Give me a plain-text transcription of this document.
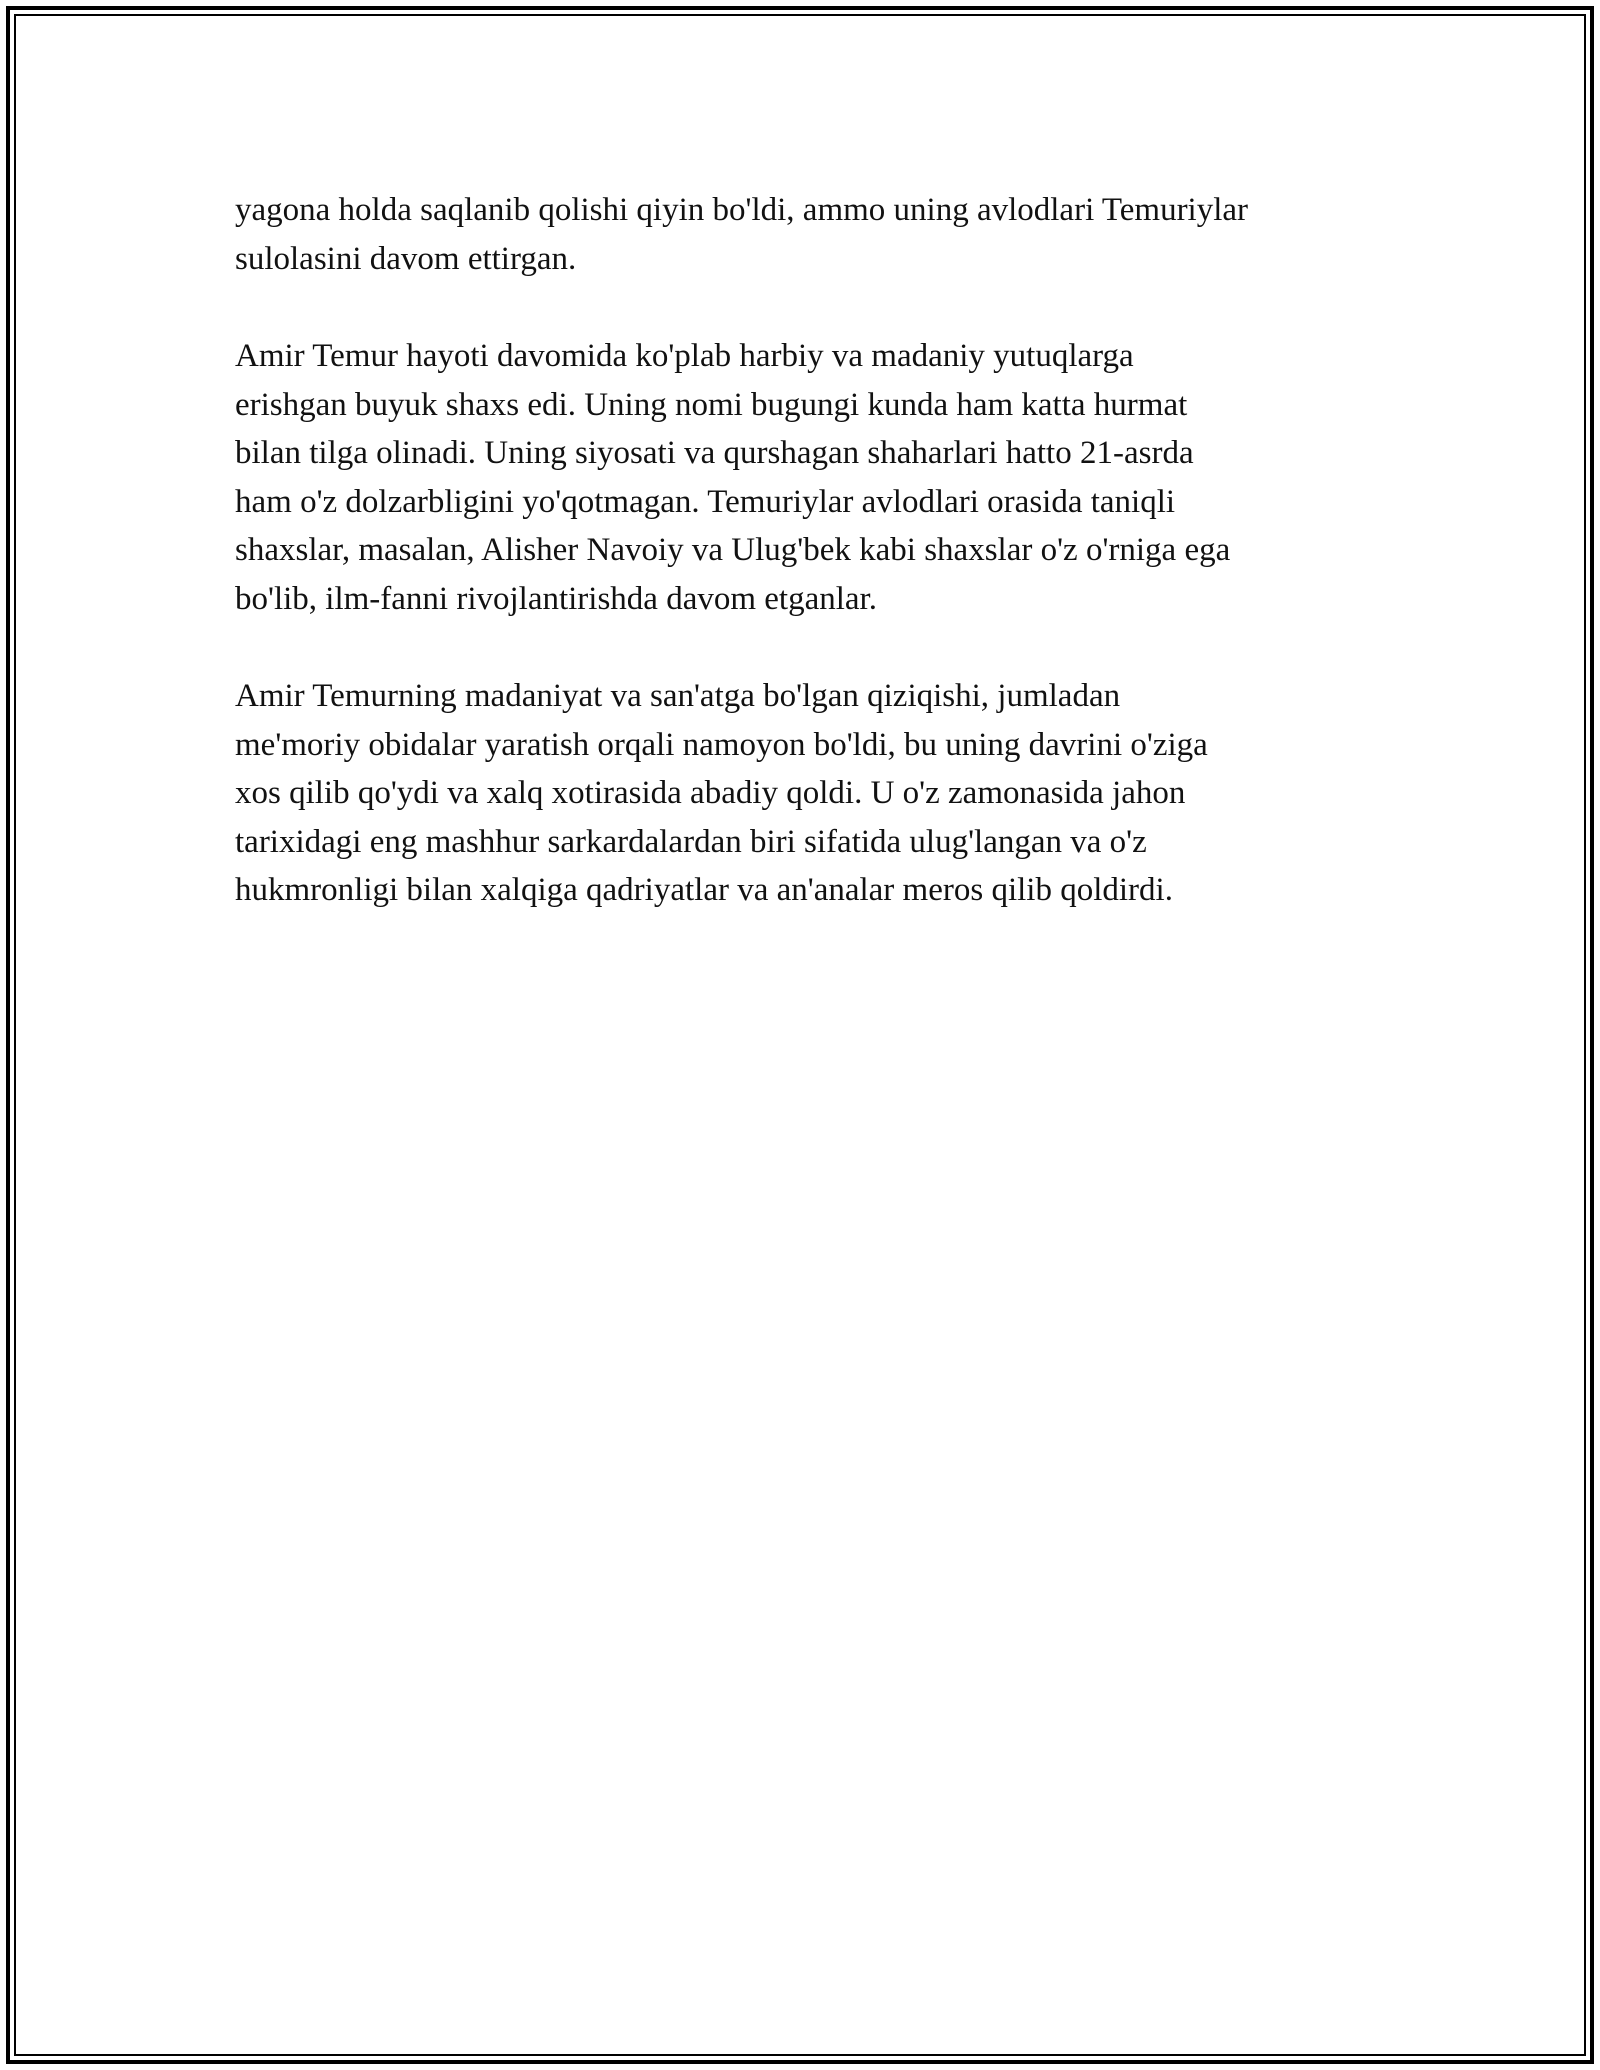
yagona holda saqlanib qolishi qiyin bo'ldi, ammo uning avlodlari Temuriylar
sulolasini davom ettirgan.

Amir Temur hayoti davomida ko'plab harbiy va madaniy yutuqlarga
erishgan buyuk shaxs edi. Uning nomi bugungi kunda ham katta hurmat
bilan tilga olinadi. Uning siyosati va qurshagan shaharlari hatto 21-asrda
ham o'z dolzarbligini yo'qotmagan. Temuriylar avlodlari orasida taniqli
shaxslar, masalan, Alisher Navoiy va Ulug'bek kabi shaxslar o'z o'rniga ega
bo'lib, ilm-fanni rivojlantirishda davom etganlar.

Amir Temurning madaniyat va san'atga bo'lgan qiziqishi, jumladan
me'moriy obidalar yaratish orqali namoyon bo'ldi, bu uning davrini o'ziga
xos qilib qo'ydi va xalq xotirasida abadiy qoldi. U o'z zamonasida jahon
tarixidagi eng mashhur sarkardalardan biri sifatida ulug'langan va o'z
hukmronligi bilan xalqiga qadriyatlar va an'analar meros qilib qoldirdi.
